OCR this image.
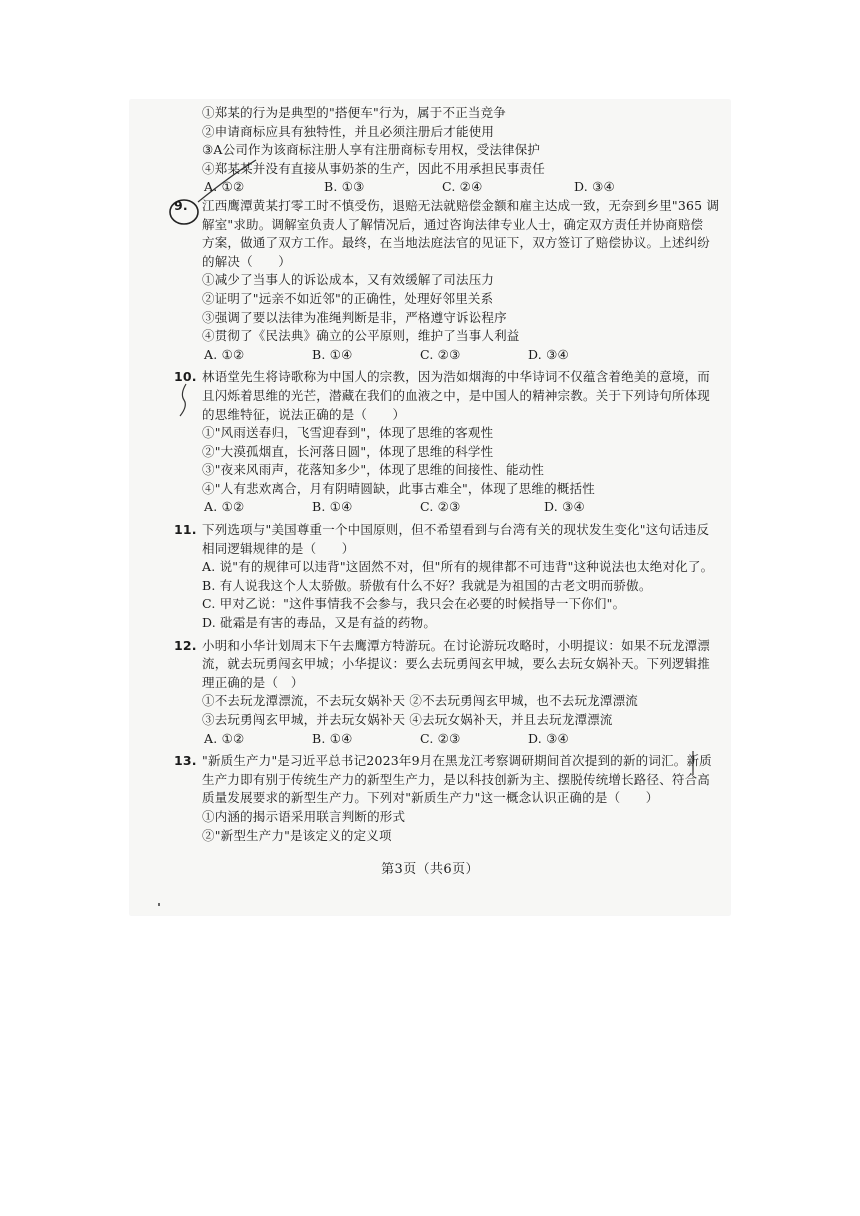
①郑某的行为是典型的"搭便车"行为，属于不正当竞争
②申请商标应具有独特性，并且必须注册后才能使用
③A公司作为该商标注册人享有注册商标专用权，受法律保护
④郑某某并没有直接从事奶茶的生产，因此不用承担民事责任
A. ①②	B. ①③	C. ②④	D. ③④
9. 江西鹰潭黄某打零工时不慎受伤，退赔无法就赔偿金额和雇主达成一致，无奈到乡里"365 调
解室"求助。调解室负责人了解情况后，通过咨询法律专业人士，确定双方责任并协商赔偿
方案，做通了双方工作。最终，在当地法庭法官的见证下，双方签订了赔偿协议。上述纠纷
的解决（　　）
①减少了当事人的诉讼成本，又有效缓解了司法压力
②证明了"远亲不如近邻"的正确性，处理好邻里关系
③强调了要以法律为准绳判断是非，严格遵守诉讼程序
④贯彻了《民法典》确立的公平原则，维护了当事人利益
A. ①②	B. ①④	C. ②③	D. ③④
10. 林语堂先生将诗歌称为中国人的宗教，因为浩如烟海的中华诗词不仅蕴含着绝美的意境，而
且闪烁着思维的光芒，潜藏在我们的血液之中，是中国人的精神宗教。关于下列诗句所体现
的思维特征，说法正确的是（　　）
①"风雨送春归，飞雪迎春到"，体现了思维的客观性
②"大漠孤烟直，长河落日圆"，体现了思维的科学性
③"夜来风雨声，花落知多少"，体现了思维的间接性、能动性
④"人有悲欢离合，月有阴晴圆缺，此事古难全"，体现了思维的概括性
A. ①②	B. ①④	C. ②③	D. ③④
11. 下列选项与"美国尊重一个中国原则，但不希望看到与台湾有关的现状发生变化"这句话违反
相同逻辑规律的是（　　）
A. 说"有的规律可以违背"这固然不对，但"所有的规律都不可违背"这种说法也太绝对化了。
B. 有人说我这个人太骄傲。骄傲有什么不好？我就是为祖国的古老文明而骄傲。
C. 甲对乙说："这件事情我不会参与，我只会在必要的时候指导一下你们"。
D. 砒霜是有害的毒品，又是有益的药物。
12. 小明和小华计划周末下午去鹰潭方特游玩。在讨论游玩攻略时，小明提议：如果不玩龙潭漂
流，就去玩勇闯玄甲城；小华提议：要么去玩勇闯玄甲城，要么去玩女娲补天。下列逻辑推
理正确的是（　）
①不去玩龙潭漂流，不去玩女娲补天 ②不去玩勇闯玄甲城，也不去玩龙潭漂流
③去玩勇闯玄甲城，并去玩女娲补天 ④去玩女娲补天，并且去玩龙潭漂流
A. ①②	B. ①④	C. ②③	D. ③④
13. "新质生产力"是习近平总书记2023年9月在黑龙江考察调研期间首次提到的新的词汇。新质
生产力即有别于传统生产力的新型生产力，是以科技创新为主、摆脱传统增长路径、符合高
质量发展要求的新型生产力。下列对"新质生产力"这一概念认识正确的是（　　）
①内涵的揭示语采用联言判断的形式
②"新型生产力"是该定义的定义项
第3页（共6页）
